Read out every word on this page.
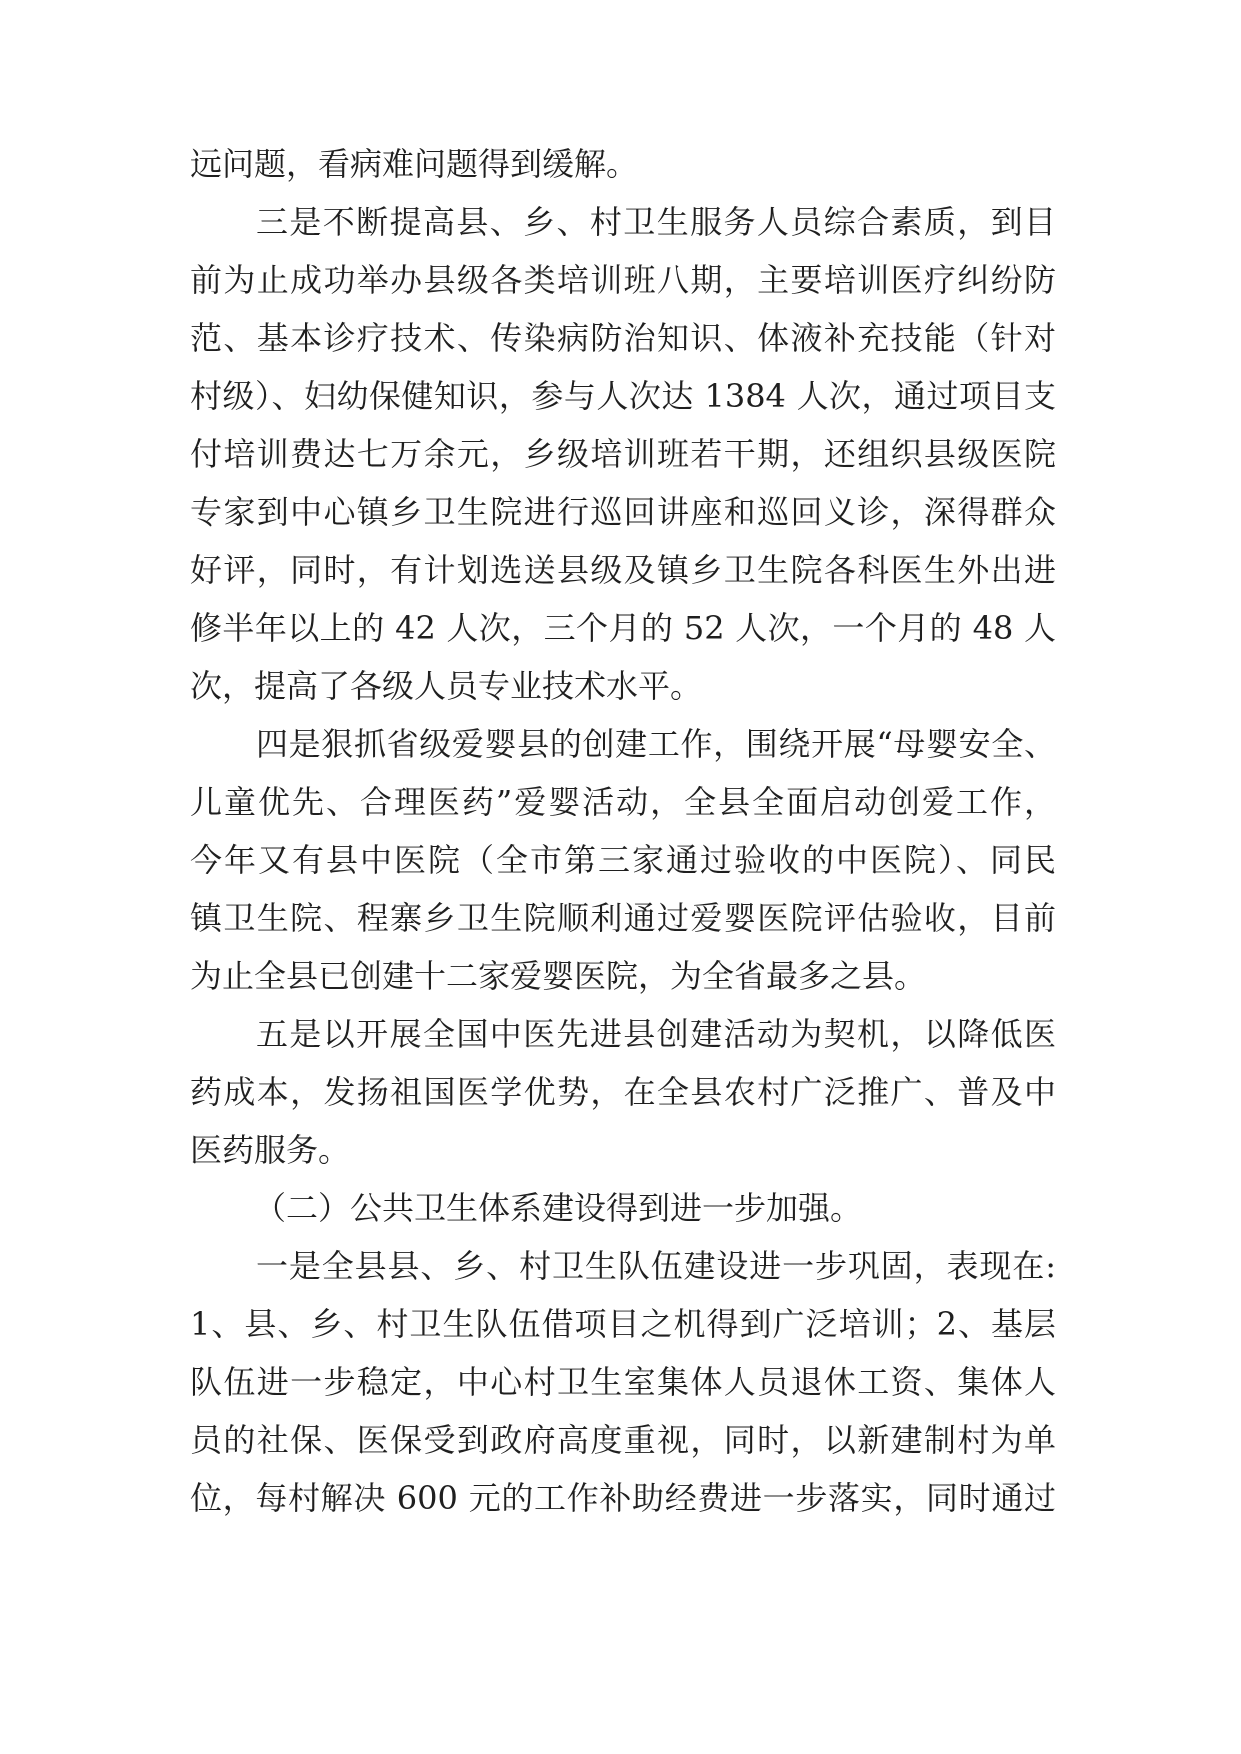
远问题，看病难问题得到缓解。
三是不断提高县、乡、村卫生服务人员综合素质，到目
前为止成功举办县级各类培训班八期，主要培训医疗纠纷防
范、基本诊疗技术、传染病防治知识、体液补充技能（针对
村级）、妇幼保健知识，参与人次达 1384 人次，通过项目支
付培训费达七万余元，乡级培训班若干期，还组织县级医院
专家到中心镇乡卫生院进行巡回讲座和巡回义诊，深得群众
好评，同时，有计划选送县级及镇乡卫生院各科医生外出进
修半年以上的 42 人次，三个月的 52 人次，一个月的 48 人
次，提高了各级人员专业技术水平。
四是狠抓省级爱婴县的创建工作，围绕开展“母婴安全、
儿童优先、合理医药”爱婴活动，全县全面启动创爱工作，
今年又有县中医院（全市第三家通过验收的中医院）、同民
镇卫生院、程寨乡卫生院顺利通过爱婴医院评估验收，目前
为止全县已创建十二家爱婴医院，为全省最多之县。
五是以开展全国中医先进县创建活动为契机，以降低医
药成本，发扬祖国医学优势，在全县农村广泛推广、普及中
医药服务。
（二）公共卫生体系建设得到进一步加强。
一是全县县、乡、村卫生队伍建设进一步巩固，表现在:
1、县、乡、村卫生队伍借项目之机得到广泛培训；2、基层
队伍进一步稳定，中心村卫生室集体人员退休工资、集体人
员的社保、医保受到政府高度重视，同时，以新建制村为单
位，每村解决 600 元的工作补助经费进一步落实，同时通过
